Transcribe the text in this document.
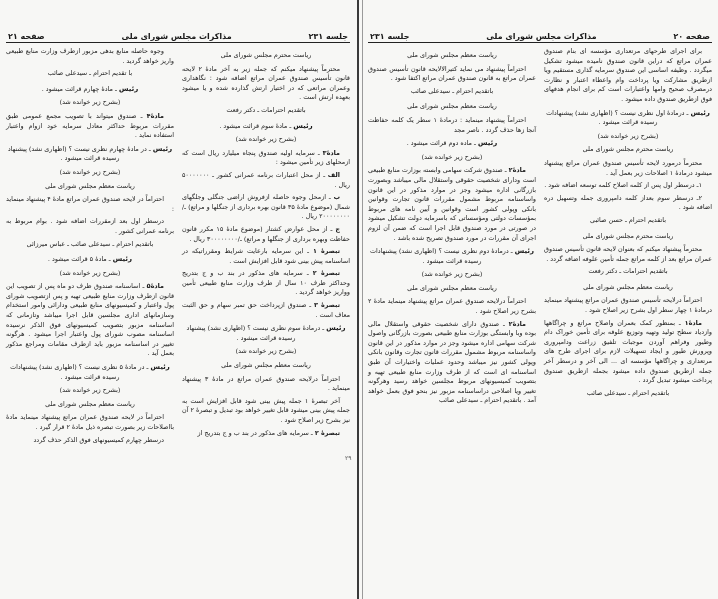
جلسه ۲۳۱
مذاکرات مجلس شورای ملی
صفحه ۲۱
ریاست محترم مجلس شورای ملی
محترماً پیشنهاد میکنم که جمله زیر به آخر مادهٔ ۲ لایحه قانون تأسیس صندوق عمران مراتع اضافه شود : نگاهداری وعمران مراتعی که در اختیار ارتش گذارده شده و یا میشود بعهده ارتش است .
باتقدیم احترامات ـ دکتر رفعت
رئیس ـ مادهٔ سوم قرائت میشود .
(بشرح زیر خوانده شد)
مادهٔ۳ ـ سرمایه اولیه صندوق پنجاه میلیارد ریال است که ازمحلهای زیر تأمین میشود :
الف ـ از محل اعتبارات برنامه عمرانی کشور ـ ۵۰۰۰۰۰۰۰ ریال .
ب ـ ازمحل وجوه حاصله ازفروش اراضی جنگلی وجلگهای شمال (موضوع مادهٔ ۳۵ قانون بهره برداری از جنگلها و مراتع) ـ/۲۰۰۰۰۰۰۰۰ ریال .
ج ـ از محل عوارض کشتار (موضوع مادهٔ ۱۵ مکرر قانون حفاظت وبهره برداری از جنگلها و مراتع) ـ/۳۰۰۰۰۰۰۰۰ ریال .
تبصرهٔ ۱ ـ این سرمایه بارعایت شرایط ومقرراتیکه در اساسنامه پیش بینی شود قابل افزایش است .
تبصرهٔ ۲ ـ سرمایه های مذکور در بند ب و ج بتدریج وحداکثر ظرف ۱۰ سال از طرف وزارت منابع طبیعی تأمین وواریز خواهد گردید .
تبصرهٔ ۳ ـ صندوق ازپرداخت حق تمبر سهام و حق الثبت معاف است .
رئیس ـ درمادهٔ سوم نظری نیست ؟ (اظهاری نشد) پیشنهاد رسیده قرائت میشود .
(بشرح زیر خوانده شد)
ریاست معظم مجلس شورای ملی
احتراماً درلایحه صندوق عمران مراتع در مادهٔ ۳ پیشنهاد مینماید .
آخر تبصرهٔ ۱ جمله پیش بینی شود قابل افزایش است به جمله پیش بینی میشود قابل تغییر خواهد بود تبدیل و تبصرهٔ ۲ آن نیز بشرح زیر اصلاح شود .
تبصرهٔ ۲ ـ سرمایه های مذکور در بند ب و ج بتدریج از
وجوه حاصله منابع بدهی مزبور ازطرف وزارت منابع طبیعی واریز خواهد گردید .
با تقدیم احترام ـ سیدعلی صائب
رئیس ـ مادهٔ چهارم قرائت میشود .
(بشرح زیر خوانده شد)
مادهٔ۴ ـ صندوق میتواند با تصویب مجمع عمومی طبق مقررات مربوط حداکثر معادل سرمایه خود ازوام واعتبار استفاده نماید .
رئیس ـ در مادهٔ چهارم نظری نیست ؟ (اظهاری نشد) پیشنهاد رسیده قرائت میشود .
(بشرح زیر خوانده شد)
ریاست معظم مجلس شورای ملی
احتراماً در لایحه صندوق عمران مراتع مادهٔ ۴ پیشنهاد مینماید :
درسطر اول بعد ازمقررات اضافه شود . بوام مربوط به برنامه عمرانی کشور .
باتقدیم احترام ـ سیدعلی صائب ـ عباس میرزائی
رئیس ـ مادهٔ ۵ قرائت میشود .
(بشرح زیر خوانده شد)
مادهٔ۵ ـ اساسنامه صندوق ظرف دو ماه پس از تصویب این قانون ازطرف وزارت منابع طبیعی تهیه و پس ازتصویب شورای پول واعتبار و کمیسیونهای منابع طبیعی ودارائی وامور استخدام وسازمانهای اداری مجلسین قابل اجرا میباشد وتازمانی که اساسنامه مزبور بتصویب کمیسیونهای فوق الذکر نرسیده اساسنامه مصوب شورای پول واعتبار اجرا میشود . هرگونه تغییر در اساسنامه مزبور باید ازطرف مقامات ومراجع مذکور بعمل آید .
رئیس ـ در مادهٔ ۵ نظری نیست ؟ (اظهاری نشد) پیشنهادات رسیده قرائت میشود .
(بشرح زیر خوانده شد)
ریاست معظم مجلس شورای ملی
احتراماً در لایحه صندوق عمران مراتع پیشنهاد مینماید مادهٔ بااصلاحات زیر بصورت تبصره ذیل مادهٔ ۲ قرار گیرد .
درسطر چهارم کمیسیونهای فوق الذکر حذف گردد
۲۹
صفحه ۲۰
مذاکرات مجلس شورای ملی
جلسه ۲۳۱
برای اجرای طرحهای مرتعداری مؤسسه ای بنام صندوق عمران مراتع که دراین قانون صندوق نامیده میشود تشکیل میگردد . وظیفه اساسی این صندوق سرمایه گذاری مستقیم ویا ازطریق مشارکت ویا پرداخت وام واعطاء اعتبار و نظارت درمصرف صحیح وامها واعتبارات است کم برای انجام هدفهای فوق ازطریق صندوق داده میشود .
رئیس ـ درمادهٔ اول نظری نیست ؟ (اظهاری نشد) پیشنهادات رسیده قرائت میشود .
(بشرح زیر خوانده شد)
ریاست محترم مجلس شورای ملی
محترماً درمورد لایحه تأسیس صندوق عمران مراتع پیشنهاد میشود درمادهٔ ۱ اصلاحات زیر بعمل آید .
۱ـ درسطر اول پس از کلمه اصلاح کلمه توسعه اضافه شود .
۲ـ درسطر سوم بعداز کلمه دامپروری جمله وتسهیل دره اضافه شود .
باتقدیم احترام ـ حسن صائبی
ریاست محترم مجلس شورای ملی
محترماً پیشنهاد میکنم که بعنوان لایحه قانون تأسیس صندوق عمران مراتع بعد از کلمه مراتع جمله تأمین علوفه اضافه گردد .
باتقدیم احترامات ـ دکتر رفعت
ریاست معظم مجلس شورای ملی
احتراماً درلایحه تأسیس صندوق عمران مراتع پیشنهاد مینماید درمادهٔ ۱ چهار سطر اول بشرح زیر اصلاح شود .
مادهٔ۱ ـ بمنظور کمک بعمران واصلاح مراتع و چراگاهها وازدیاد سطح تولید وتهیه وتوزیع علوفه برای تأمین خوراک دام وطیور وفراهم آوردن موجبات تلفیق زراعت ودامپروری وپرورش طیور و ایجاد تسهیلات لازم برای اجرای طرح های مرتعداری و چراگاهها مؤسسه ای ... الی آخر و درسطر آخر جمله ازطریق صندوق داده میشود بجمله ازطریق صندوق پرداخت میشود تبدیل گردد .
باتقدیم احترام ـ سیدعلی صائب
ریاست معظم مجلس شورای ملی
احتراماً پیشنهاد می نماید کتیرالالایحه قانون تأسیس صندوق عمران مراتع به قانون صندوق عمران مراتع اکتفا شود .
باتقدیم احترام ـ سیدعلی صائب
ریاست معظم مجلس شورای ملی
احتراماً پیشنهاد مینماید : درمادهٔ ۱ سطر یک کلمه حفاظت آنجا زها حذف گردد . ناصر مجد
رئیس ـ ماده دوم قرائت میشود .
(بشرح زیر خوانده شد)
مادهٔ۲ ـ صندوق شرکت سهامی وابسته بوزارت منابع طبیعی است ودارای شخصیت حقوقی واستقلال مالی میباشد وبصورت بازرگانی اداره میشود وجز در موارد مذکور در این قانون واساسنامه مربوط مشمول مقررات قانون تجارت وقوانین بانکی وپولی کشور است وقوانین و آیین نامه های مربوط بمؤسسات دولتی ومؤسساتی که باسرمایه دولت تشکیل میشود در صورتی در مورد صندوق قابل اجرا است که ضمن آن لزوم اجرای آن مقررات در مورد صندوق تصریح شده باشد .
رئیس ـ درمادهٔ دوم نظری نیست ؟ (اظهاری نشد) پیشنهادات رسیده قرائت میشود .
(بشرح زیر خوانده شد)
ریاست معظم مجلس شورای ملی
احتراماً درلایحه صندوق عمران مراتع پیشنهاد مینماید مادهٔ ۲ بشرح زیر اصلاح شود .
مادهٔ۲ ـ صندوق دارای شخصیت حقوقی واستقلال مالی بوده وبا وابستگی بوزارت منابع طبیعی بصورت بازرگانی واصول شرکت سهامی اداره میشود وجز در موارد مذکور در این قانون واساسنامه مربوط مشمول مقررات قانون تجارت وقانون بانکی وپولی کشور نیز میباشد وحدود عملیات واختیارات آن طبق اساسنامه ای است که از طرف وزارت منابع طبیعی تهیه و بتصویب کمیسیونهای مربوط مجلسین خواهد رسید وهرگونه تغییر ویا اصلاحی دراساسنامه مزبور نیز بنحو فوق بعمل خواهد آمد . باتقدیم احترام ـ سیدعلی صائب
